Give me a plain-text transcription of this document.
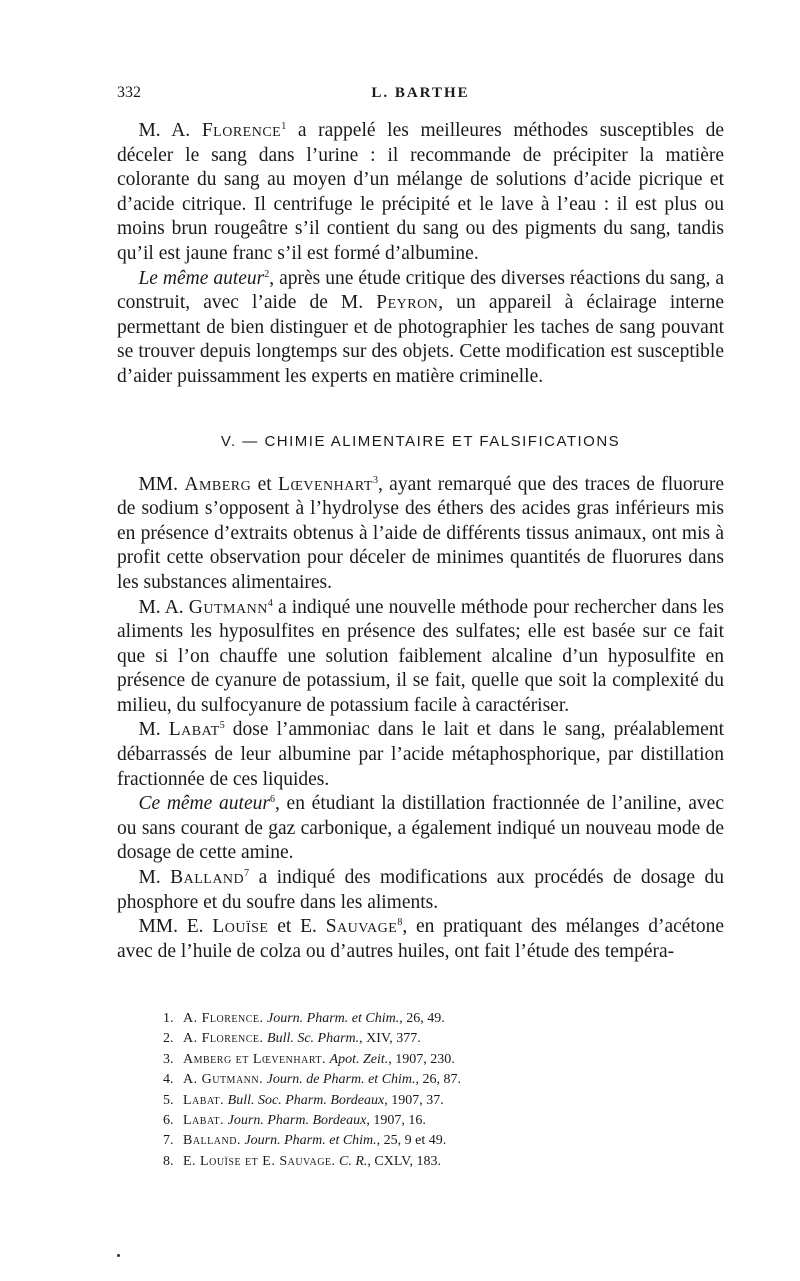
332	L. BARTHE

M. A. Florence$^1$ a rappelé les meilleures méthodes susceptibles de déceler le sang dans l’urine : il recommande de précipiter la matière colorante du sang au moyen d’un mélange de solutions d’acide picrique et d’acide citrique. Il centrifuge le précipité et le lave à l’eau : il est plus ou moins brun rougeâtre s’il contient du sang ou des pigments du sang, tandis qu’il est jaune franc s’il est formé d’albumine.

Le même auteur$^2$, après une étude critique des diverses réactions du sang, a construit, avec l’aide de M. Peyron, un appareil à éclairage interne permettant de bien distinguer et de photographier les taches de sang pouvant se trouver depuis longtemps sur des objets. Cette modification est susceptible d’aider puissamment les experts en matière criminelle.

V. — CHIMIE ALIMENTAIRE ET FALSIFICATIONS

MM. Amberg et Lœvenhart$^3$, ayant remarqué que des traces de fluorure de sodium s’opposent à l’hydrolyse des éthers des acides gras inférieurs mis en présence d’extraits obtenus à l’aide de différents tissus animaux, ont mis à profit cette observation pour déceler de minimes quantités de fluorures dans les substances alimentaires.

M. A. Gutmann$^4$ a indiqué une nouvelle méthode pour rechercher dans les aliments les hyposulfites en présence des sulfates; elle est basée sur ce fait que si l’on chauffe une solution faiblement alcaline d’un hyposulfite en présence de cyanure de potassium, il se fait, quelle que soit la complexité du milieu, du sulfocyanure de potassium facile à caractériser.

M. Labat$^5$ dose l’ammoniac dans le lait et dans le sang, préalablement débarrassés de leur albumine par l’acide métaphosphorique, par distillation fractionnée de ces liquides.

Ce même auteur$^6$, en étudiant la distillation fractionnée de l’aniline, avec ou sans courant de gaz carbonique, a également indiqué un nouveau mode de dosage de cette amine.

M. Balland$^7$ a indiqué des modifications aux procédés de dosage du phosphore et du soufre dans les aliments.

MM. E. Louïse et E. Sauvage$^8$, en pratiquant des mélanges d’acétone avec de l’huile de colza ou d’autres huiles, ont fait l’étude des tempéra-

1. A. Florence. Journ. Pharm. et Chim., 26, 49.
2. A. Florence. Bull. Sc. Pharm., XIV, 377.
3. Amberg et Lœvenhart. Apot. Zeit., 1907, 230.
4. A. Gutmann. Journ. de Pharm. et Chim., 26, 87.
5. Labat. Bull. Soc. Pharm. Bordeaux, 1907, 37.
6. Labat. Journ. Pharm. Bordeaux, 1907, 16.
7. Balland. Journ. Pharm. et Chim., 25, 9 et 49.
8. E. Louïse et E. Sauvage. C. R., CXLV, 183.
